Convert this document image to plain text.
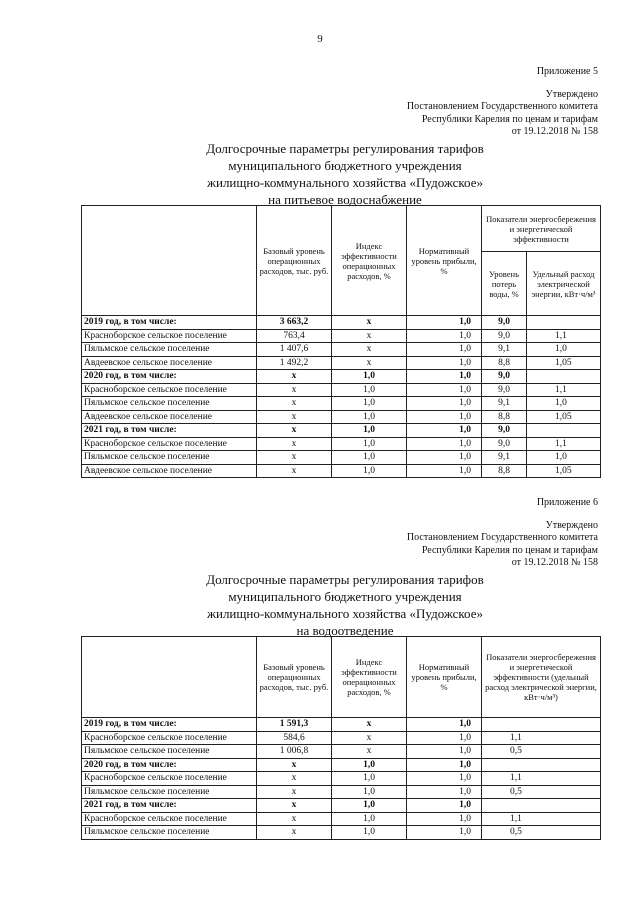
9
Приложение 5
Утверждено
Постановлением Государственного комитета
Республики Карелия по ценам и тарифам
от 19.12.2018 № 158
Долгосрочные параметры регулирования тарифов
муниципального бюджетного учреждения
жилищно-коммунального хозяйства «Пудожское»
на питьевое водоснабжение
	Базовый уровень операционных расходов, тыс. руб.	Индекс эффективности операционных расходов, %	Нормативный уровень прибыли, %	Показатели энергосбережения и энергетической эффективности	
				Уровень потерь воды, %	Удельный расход электрической энергии, кВт·ч/м³
2019 год, в том числе:	3 663,2	x	1,0	9,0	
Красноборское сельское поселение	763,4	x	1,0	9,0	1,1
Пяльмское сельское поселение	1 407,6	x	1,0	9,1	1,0
Авдеевское сельское поселение	1 492,2	x	1,0	8,8	1,05
2020 год, в том числе:	x	1,0	1,0	9,0	
Красноборское сельское поселение	x	1,0	1,0	9,0	1,1
Пяльмское сельское поселение	x	1,0	1,0	9,1	1,0
Авдеевское сельское поселение	x	1,0	1,0	8,8	1,05
2021 год, в том числе:	x	1,0	1,0	9,0	
Красноборское сельское поселение	x	1,0	1,0	9,0	1,1
Пяльмское сельское поселение	x	1,0	1,0	9,1	1,0
Авдеевское сельское поселение	x	1,0	1,0	8,8	1,05
Приложение 6
Утверждено
Постановлением Государственного комитета
Республики Карелия по ценам и тарифам
от 19.12.2018 № 158
Долгосрочные параметры регулирования тарифов
муниципального бюджетного учреждения
жилищно-коммунального хозяйства «Пудожское»
на водоотведение
	Базовый уровень операционных расходов, тыс. руб.	Индекс эффективности операционных расходов, %	Нормативный уровень прибыли, %	Показатели энергосбережения и энергетической эффективности (удельный расход электрической энергии, кВт·ч/м³)
2019 год, в том числе:	1 591,3	x	1,0	
Красноборское сельское поселение	584,6	x	1,0	1,1
Пяльмское сельское поселение	1 006,8	x	1,0	0,5
2020 год, в том числе:	x	1,0	1,0	
Красноборское сельское поселение	x	1,0	1,0	1,1
Пяльмское сельское поселение	x	1,0	1,0	0,5
2021 год, в том числе:	x	1,0	1,0	
Красноборское сельское поселение	x	1,0	1,0	1,1
Пяльмское сельское поселение	x	1,0	1,0	0,5
